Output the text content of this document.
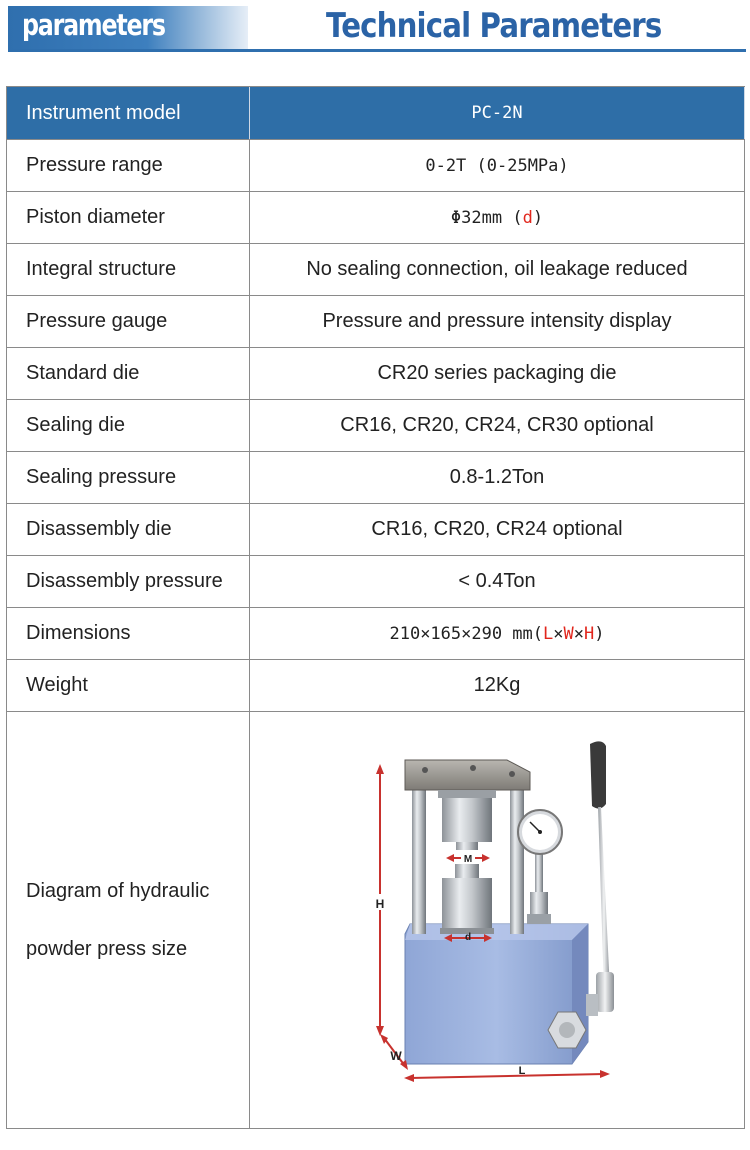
parameters	Technical Parameters
Instrument model	PC-2N
Pressure range	0-2T (0-25MPa)
Piston diameter	Φ32mm ( d )
Integral structure	No sealing connection, oil leakage reduced
Pressure gauge	Pressure and pressure intensity display
Standard die	CR20 series packaging die
Sealing die	CR16, CR20, CR24, CR30 optional
Sealing pressure	0.8-1.2Ton
Disassembly die	CR16, CR20, CR24 optional
Disassembly pressure	< 0.4Ton
Dimensions	210×165×290 mm( L × W × H )
Weight	12Kg
Diagram of hydraulic
powder press size
H
W
L
M
d
